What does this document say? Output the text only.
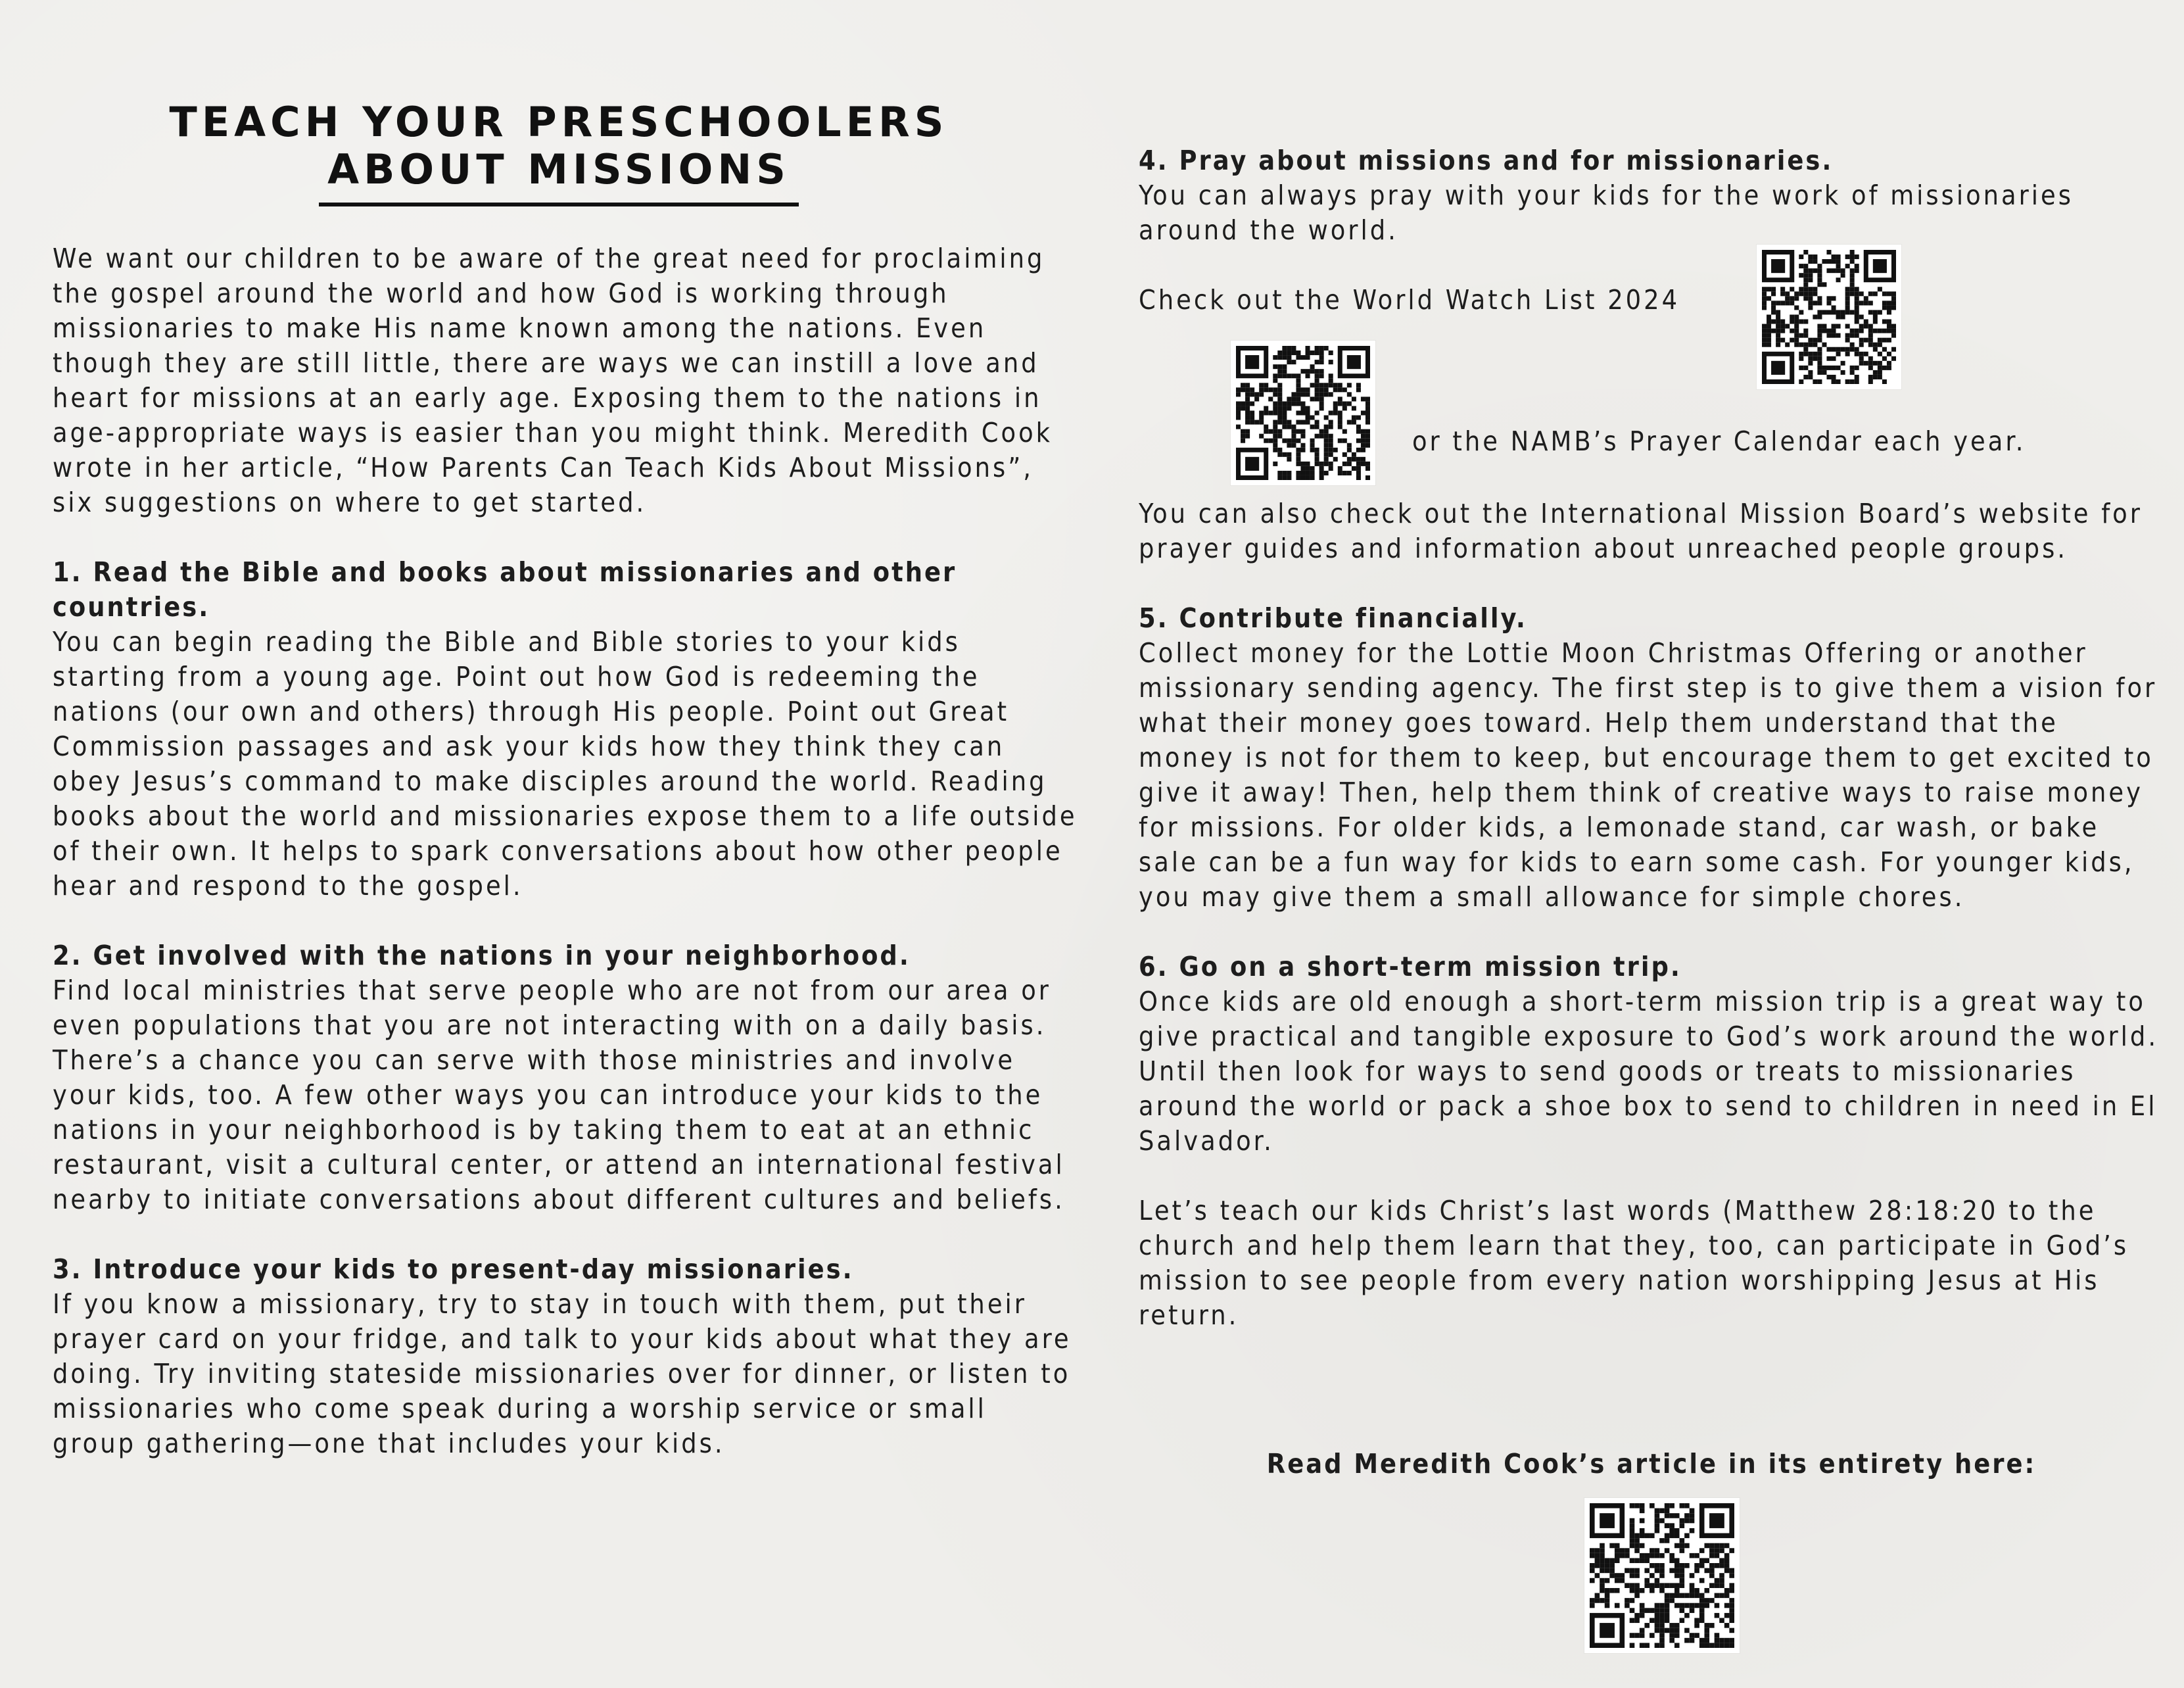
TEACH YOUR PRESCHOOLERS
ABOUT MISSIONS

We want our children to be aware of the great need for proclaiming the gospel around the world and how God is working through missionaries to make His name known among the nations. Even though they are still little, there are ways we can instill a love and heart for missions at an early age. Exposing them to the nations in age-appropriate ways is easier than you might think. Meredith Cook wrote in her article, “How Parents Can Teach Kids About Missions”, six suggestions on where to get started.

1. Read the Bible and books about missionaries and other countries.

You can begin reading the Bible and Bible stories to your kids starting from a young age. Point out how God is redeeming the nations (our own and others) through His people. Point out Great Commission passages and ask your kids how they think they can obey Jesus’s command to make disciples around the world. Reading books about the world and missionaries expose them to a life outside of their own. It helps to spark conversations about how other people hear and respond to the gospel.

2. Get involved with the nations in your neighborhood.

Find local ministries that serve people who are not from our area or even populations that you are not interacting with on a daily basis. There’s a chance you can serve with those ministries and involve your kids, too. A few other ways you can introduce your kids to the nations in your neighborhood is by taking them to eat at an ethnic restaurant, visit a cultural center, or attend an international festival nearby to initiate conversations about different cultures and beliefs.

3. Introduce your kids to present-day missionaries.

If you know a missionary, try to stay in touch with them, put their prayer card on your fridge, and talk to your kids about what they are doing. Try inviting stateside missionaries over for dinner, or listen to missionaries who come speak during a worship service or small group gathering—one that includes your kids.

4. Pray about missions and for missionaries.

You can always pray with your kids for the work of missionaries around the world.

Check out the World Watch List 2024
or the NAMB’s Prayer Calendar each year.

You can also check out the International Mission Board’s website for prayer guides and information about unreached people groups.

5. Contribute financially.

Collect money for the Lottie Moon Christmas Offering or another missionary sending agency. The first step is to give them a vision for what their money goes toward. Help them understand that the money is not for them to keep, but encourage them to get excited to give it away! Then, help them think of creative ways to raise money for missions. For older kids, a lemonade stand, car wash, or bake sale can be a fun way for kids to earn some cash. For younger kids, you may give them a small allowance for simple chores.

6. Go on a short-term mission trip.

Once kids are old enough a short-term mission trip is a great way to give practical and tangible exposure to God’s work around the world. Until then look for ways to send goods or treats to missionaries around the world or pack a shoe box to send to children in need in El Salvador.

Let’s teach our kids Christ’s last words (Matthew 28:18:20 to the church and help them learn that they, too, can participate in God’s mission to see people from every nation worshipping Jesus at His return.

Read Meredith Cook’s article in its entirety here:
